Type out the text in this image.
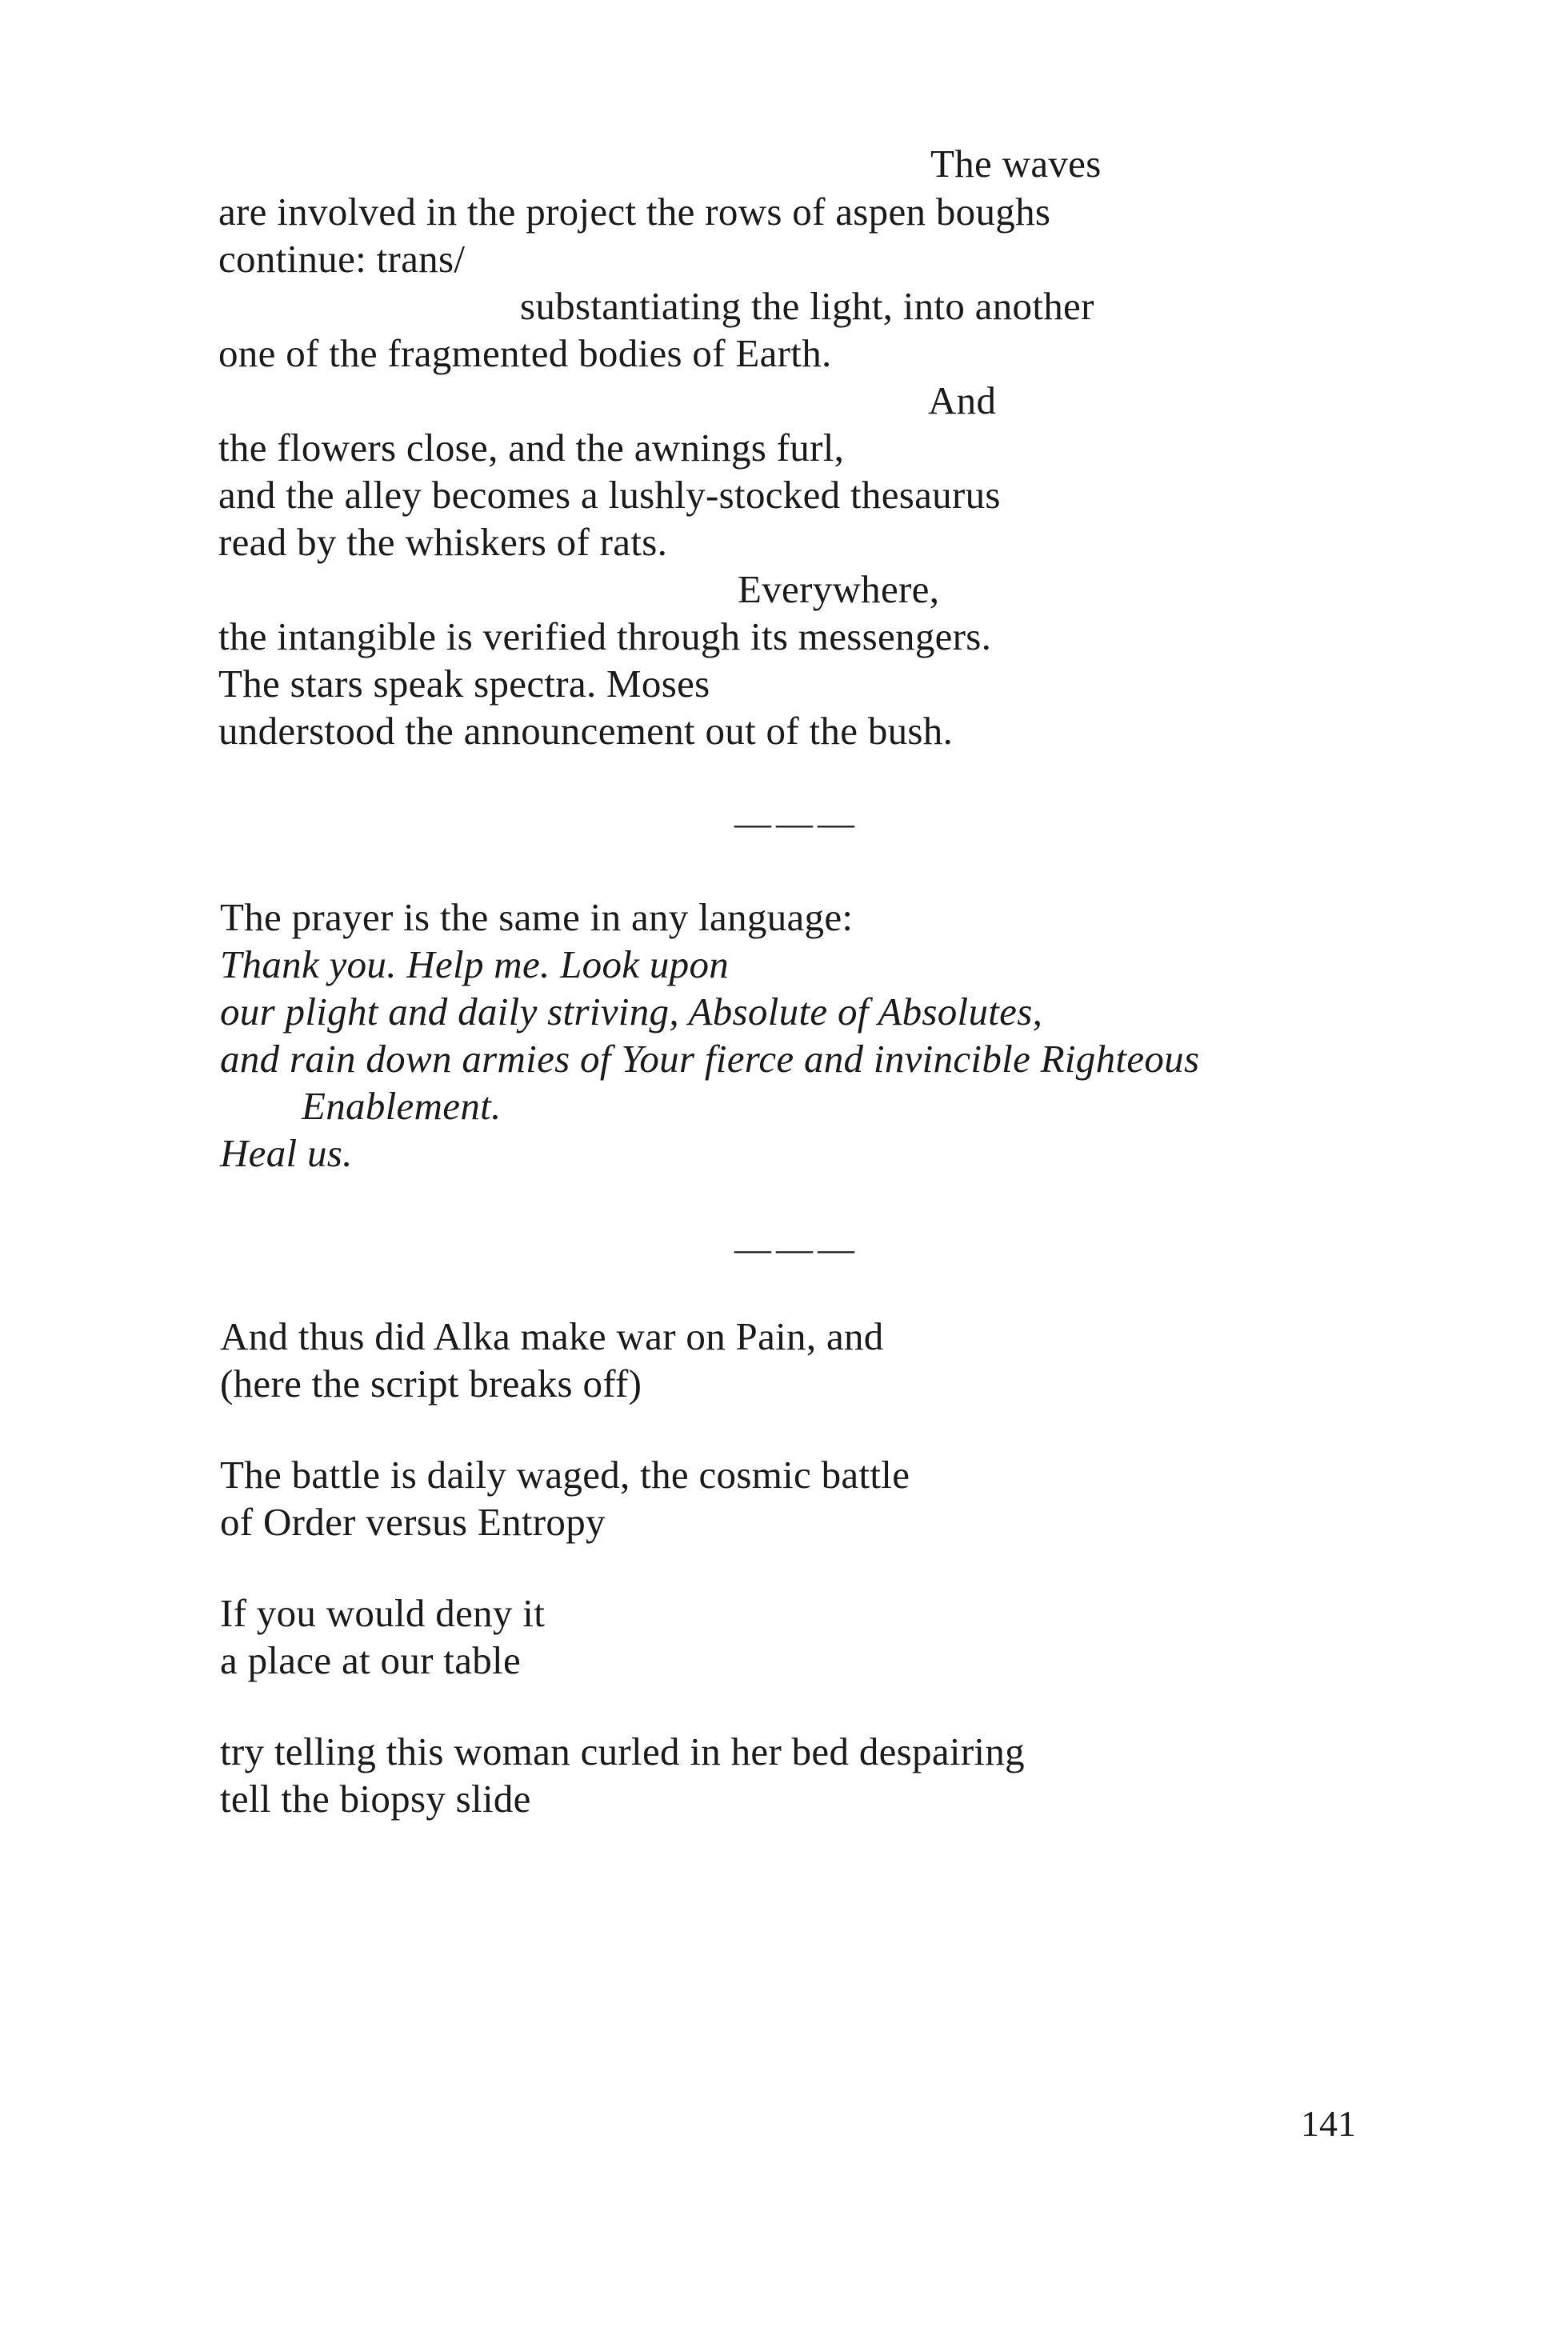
The waves
are involved in the project the rows of aspen boughs
continue: trans/
substantiating the light, into another
one of the fragmented bodies of Earth.
And
the flowers close, and the awnings furl,
and the alley becomes a lushly-stocked thesaurus
read by the whiskers of rats.
Everywhere,
the intangible is verified through its messengers.
The stars speak spectra. Moses
understood the announcement out of the bush.
———
The prayer is the same in any language:
Thank you. Help me. Look upon
our plight and daily striving, Absolute of Absolutes,
and rain down armies of Your fierce and invincible Righteous
Enablement.
Heal us.
———
And thus did Alka make war on Pain, and
(here the script breaks off)
The battle is daily waged, the cosmic battle
of Order versus Entropy
If you would deny it
a place at our table
try telling this woman curled in her bed despairing
tell the biopsy slide
141
